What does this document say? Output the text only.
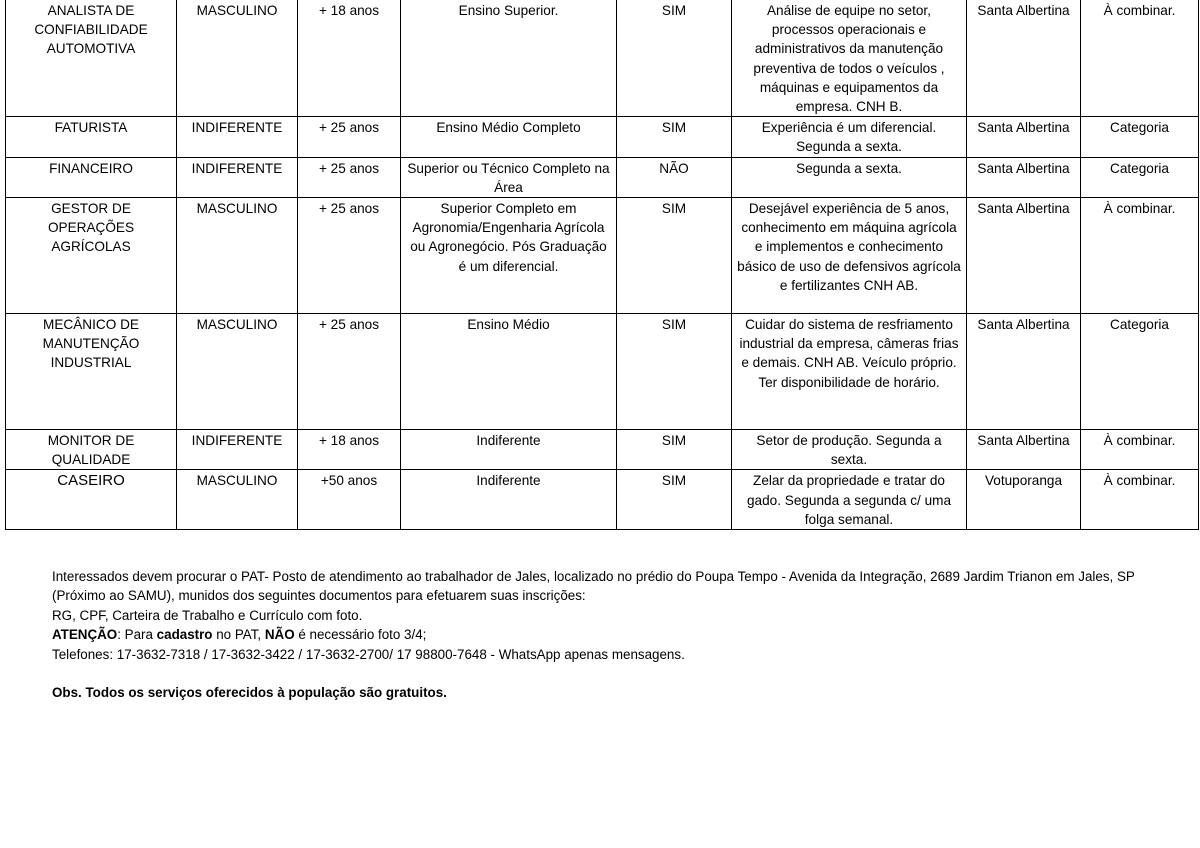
ANALISTA DE CONFIABILIDADE AUTOMOTIVA	MASCULINO	+ 18 anos	Ensino Superior.	SIM	Análise de equipe no setor, processos operacionais e administrativos da manutenção preventiva de todos o veículos , máquinas e equipamentos da empresa. CNH B.	Santa Albertina	À combinar.
FATURISTA	INDIFERENTE	+ 25 anos	Ensino Médio Completo	SIM	Experiência é um diferencial. Segunda a sexta.	Santa Albertina	Categoria
FINANCEIRO	INDIFERENTE	+ 25 anos	Superior ou Técnico Completo na Área	NÃO	Segunda a sexta.	Santa Albertina	Categoria
GESTOR DE OPERAÇÕES AGRÍCOLAS	MASCULINO	+ 25 anos	Superior Completo em Agronomia/Engenharia Agrícola ou Agronegócio. Pós Graduação é um diferencial.	SIM	Desejável experiência de 5 anos, conhecimento em máquina agrícola e implementos e conhecimento básico de uso de defensivos agrícola e fertilizantes CNH AB.	Santa Albertina	À combinar.
MECÂNICO DE MANUTENÇÃO INDUSTRIAL	MASCULINO	+ 25 anos	Ensino Médio	SIM	Cuidar do sistema de resfriamento industrial da empresa, câmeras frias e demais. CNH AB. Veículo próprio. Ter disponibilidade de horário.	Santa Albertina	Categoria
MONITOR DE QUALIDADE	INDIFERENTE	+ 18 anos	Indiferente	SIM	Setor de produção. Segunda a sexta.	Santa Albertina	À combinar.
CASEIRO	MASCULINO	+50 anos	Indiferente	SIM	Zelar da propriedade e tratar do gado. Segunda a segunda c/ uma folga semanal.	Votuporanga	À combinar.

Interessados devem procurar o PAT- Posto de atendimento ao trabalhador de Jales, localizado no prédio do Poupa Tempo - Avenida da Integração, 2689 Jardim Trianon em Jales, SP (Próximo ao SAMU), munidos dos seguintes documentos para efetuarem suas inscrições:

RG, CPF, Carteira de Trabalho e Currículo com foto.

ATENÇÃO: Para cadastro no PAT, NÃO é necessário foto 3/4;

Telefones: 17-3632-7318 / 17-3632-3422 / 17-3632-2700/ 17 98800-7648 - WhatsApp apenas mensagens.

Obs. Todos os serviços oferecidos à população são gratuitos.
